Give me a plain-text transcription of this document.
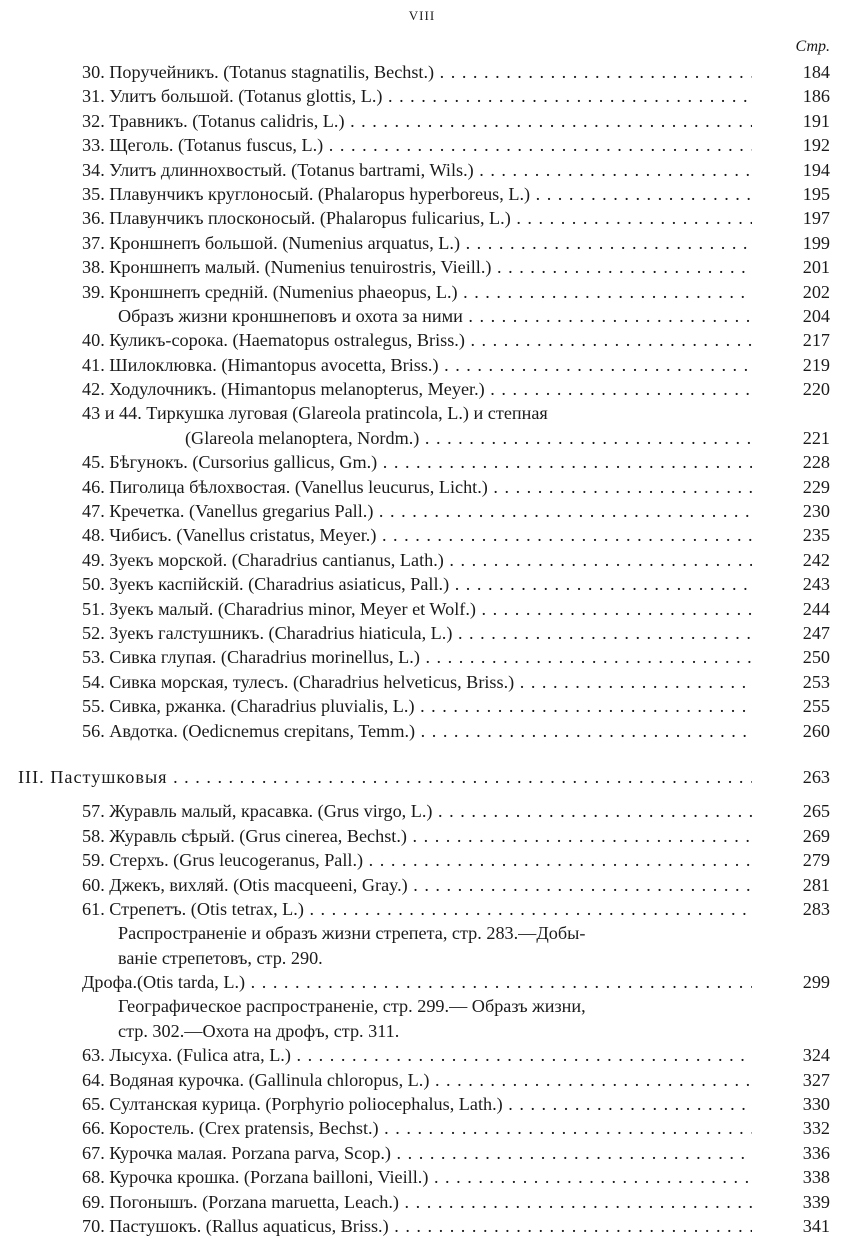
VIII
Стр.
30. Поручейникъ. (Totanus stagnatilis, Bechst.) . . .	184
31. Улитъ большой. (Totanus glottis, L.) . . .	186
32. Травникъ. (Totanus calidris, L.) . . .	191
33. Щеголь. (Totanus fuscus, L.) . . .	192
34. Улитъ длиннохвостый. (Totanus bartrami, Wils.) . . .	194
35. Плавунчикъ круглоносый. (Phalaropus hyperboreus, L.) . . .	195
36. Плавунчикъ плосконосый. (Phalaropus fulicarius, L.) . . .	197
37. Кроншнепъ большой. (Numenius arquatus, L.) . . .	199
38. Кроншнепъ малый. (Numenius tenuirostris, Vieill.) . . .	201
39. Кроншнепъ средній. (Numenius phaeopus, L.) . . .	202
Образъ жизни кроншнеповъ и охота за ними . . .	204
40. Куликъ-сорока. (Haematopus ostralegus, Briss.) . . .	217
41. Шилоклювка. (Himantopus avocetta, Briss.) . . .	219
42. Ходулочникъ. (Himantopus melanopterus, Meyer.) . . .	220
43 и 44. Тиркушка луговая (Glareola pratincola, L.) и степная
(Glareola melanoptera, Nordm.) . . .	221
45. Бѣгунокъ. (Cursorius gallicus, Gm.) . . .	228
46. Пиголица бѣлохвостая. (Vanellus leucurus, Licht.) . . .	229
47. Кречетка. (Vanellus gregarius Pall.) . . .	230
48. Чибисъ. (Vanellus cristatus, Meyer.) . . .	235
49. Зуекъ морской. (Charadrius cantianus, Lath.) . . .	242
50. Зуекъ каспійскій. (Charadrius asiaticus, Pall.) . . .	243
51. Зуекъ малый. (Charadrius minor, Meyer et Wolf.) . . .	244
52. Зуекъ галстушникъ. (Charadrius hiaticula, L.) . . .	247
53. Сивка глупая. (Charadrius morinellus, L.) . . .	250
54. Сивка морская, тулесъ. (Charadrius helveticus, Briss.) . . .	253
55. Сивка, ржанка. (Charadrius pluvialis, L.) . . .	255
56. Авдотка. (Oedicnemus crepitans, Temm.) . . .	260
III. Пастушковыя . . .	263
57. Журавль малый, красавка. (Grus virgo, L.) . . .	265
58. Журавль сѣрый. (Grus cinerea, Bechst.) . . .	269
59. Стерхъ. (Grus leucogeranus, Pall.) . . .	279
60. Джекъ, вихляй. (Otis macqueeni, Gray.) . . .	281
61. Стрепетъ. (Otis tetrax, L.) . . .	283
Распространеніе и образъ жизни стрепета, стр. 283.—Добы-
ваніе стрепетовъ, стр. 290.
Дрофа.(Otis tarda, L.) . . .	299
Географическое распространеніе, стр. 299.— Образъ жизни,
стр. 302.—Охота на дрофъ, стр. 311.
63. Лысуха. (Fulica atra, L.) . . .	324
64. Водяная курочка. (Gallinula chloropus, L.) . . .	327
65. Султанская курица. (Porphyrio poliocephalus, Lath.) . . .	330
66. Коростель. (Crex pratensis, Bechst.) . . .	332
67. Курочка малая. Porzana parva, Scop.) . . .	336
68. Курочка крошка. (Porzana bailloni, Vieill.) . . .	338
69. Погонышъ. (Porzana maruetta, Leach.) . . .	339
70. Пастушокъ. (Rallus aquaticus, Briss.) . . .	341
